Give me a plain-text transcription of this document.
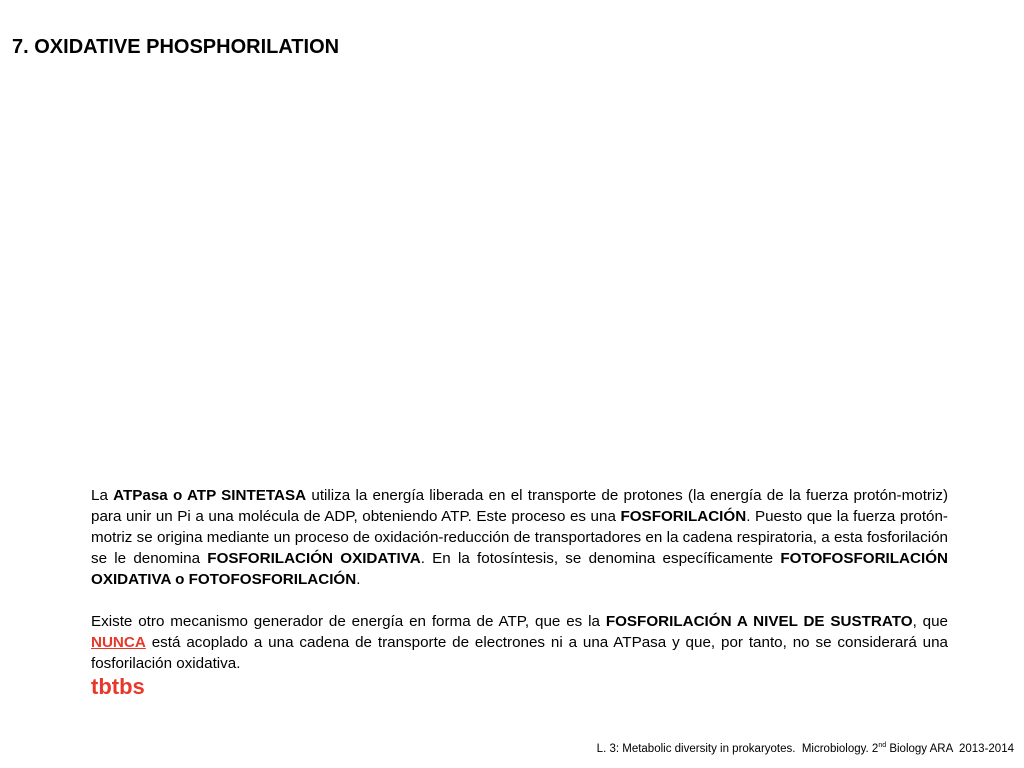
7. OXIDATIVE PHOSPHORILATION

La ATPasa o ATP SINTETASA utiliza la energía liberada en el transporte de protones (la energía de la fuerza protón-motriz) para unir un Pi a una molécula de ADP, obteniendo ATP. Este proceso es una FOSFORILACIÓN. Puesto que la fuerza protón-motriz se origina mediante un proceso de oxidación-reducción de transportadores en la cadena respiratoria, a esta fosforilación se le denomina FOSFORILACIÓN OXIDATIVA. En la fotosíntesis, se denomina específicamente FOTOFOSFORILACIÓN OXIDATIVA o FOTOFOSFORILACIÓN.

Existe otro mecanismo generador de energía en forma de ATP, que es la FOSFORILACIÓN A NIVEL DE SUSTRATO, que NUNCA está acoplado a una cadena de transporte de electrones ni a una ATPasa y que, por tanto, no se considerará una fosforilación oxidativa.

tbtbs
L. 3: Metabolic diversity in prokaryotes.  Microbiology. 2nd Biology ARA  2013-2014
